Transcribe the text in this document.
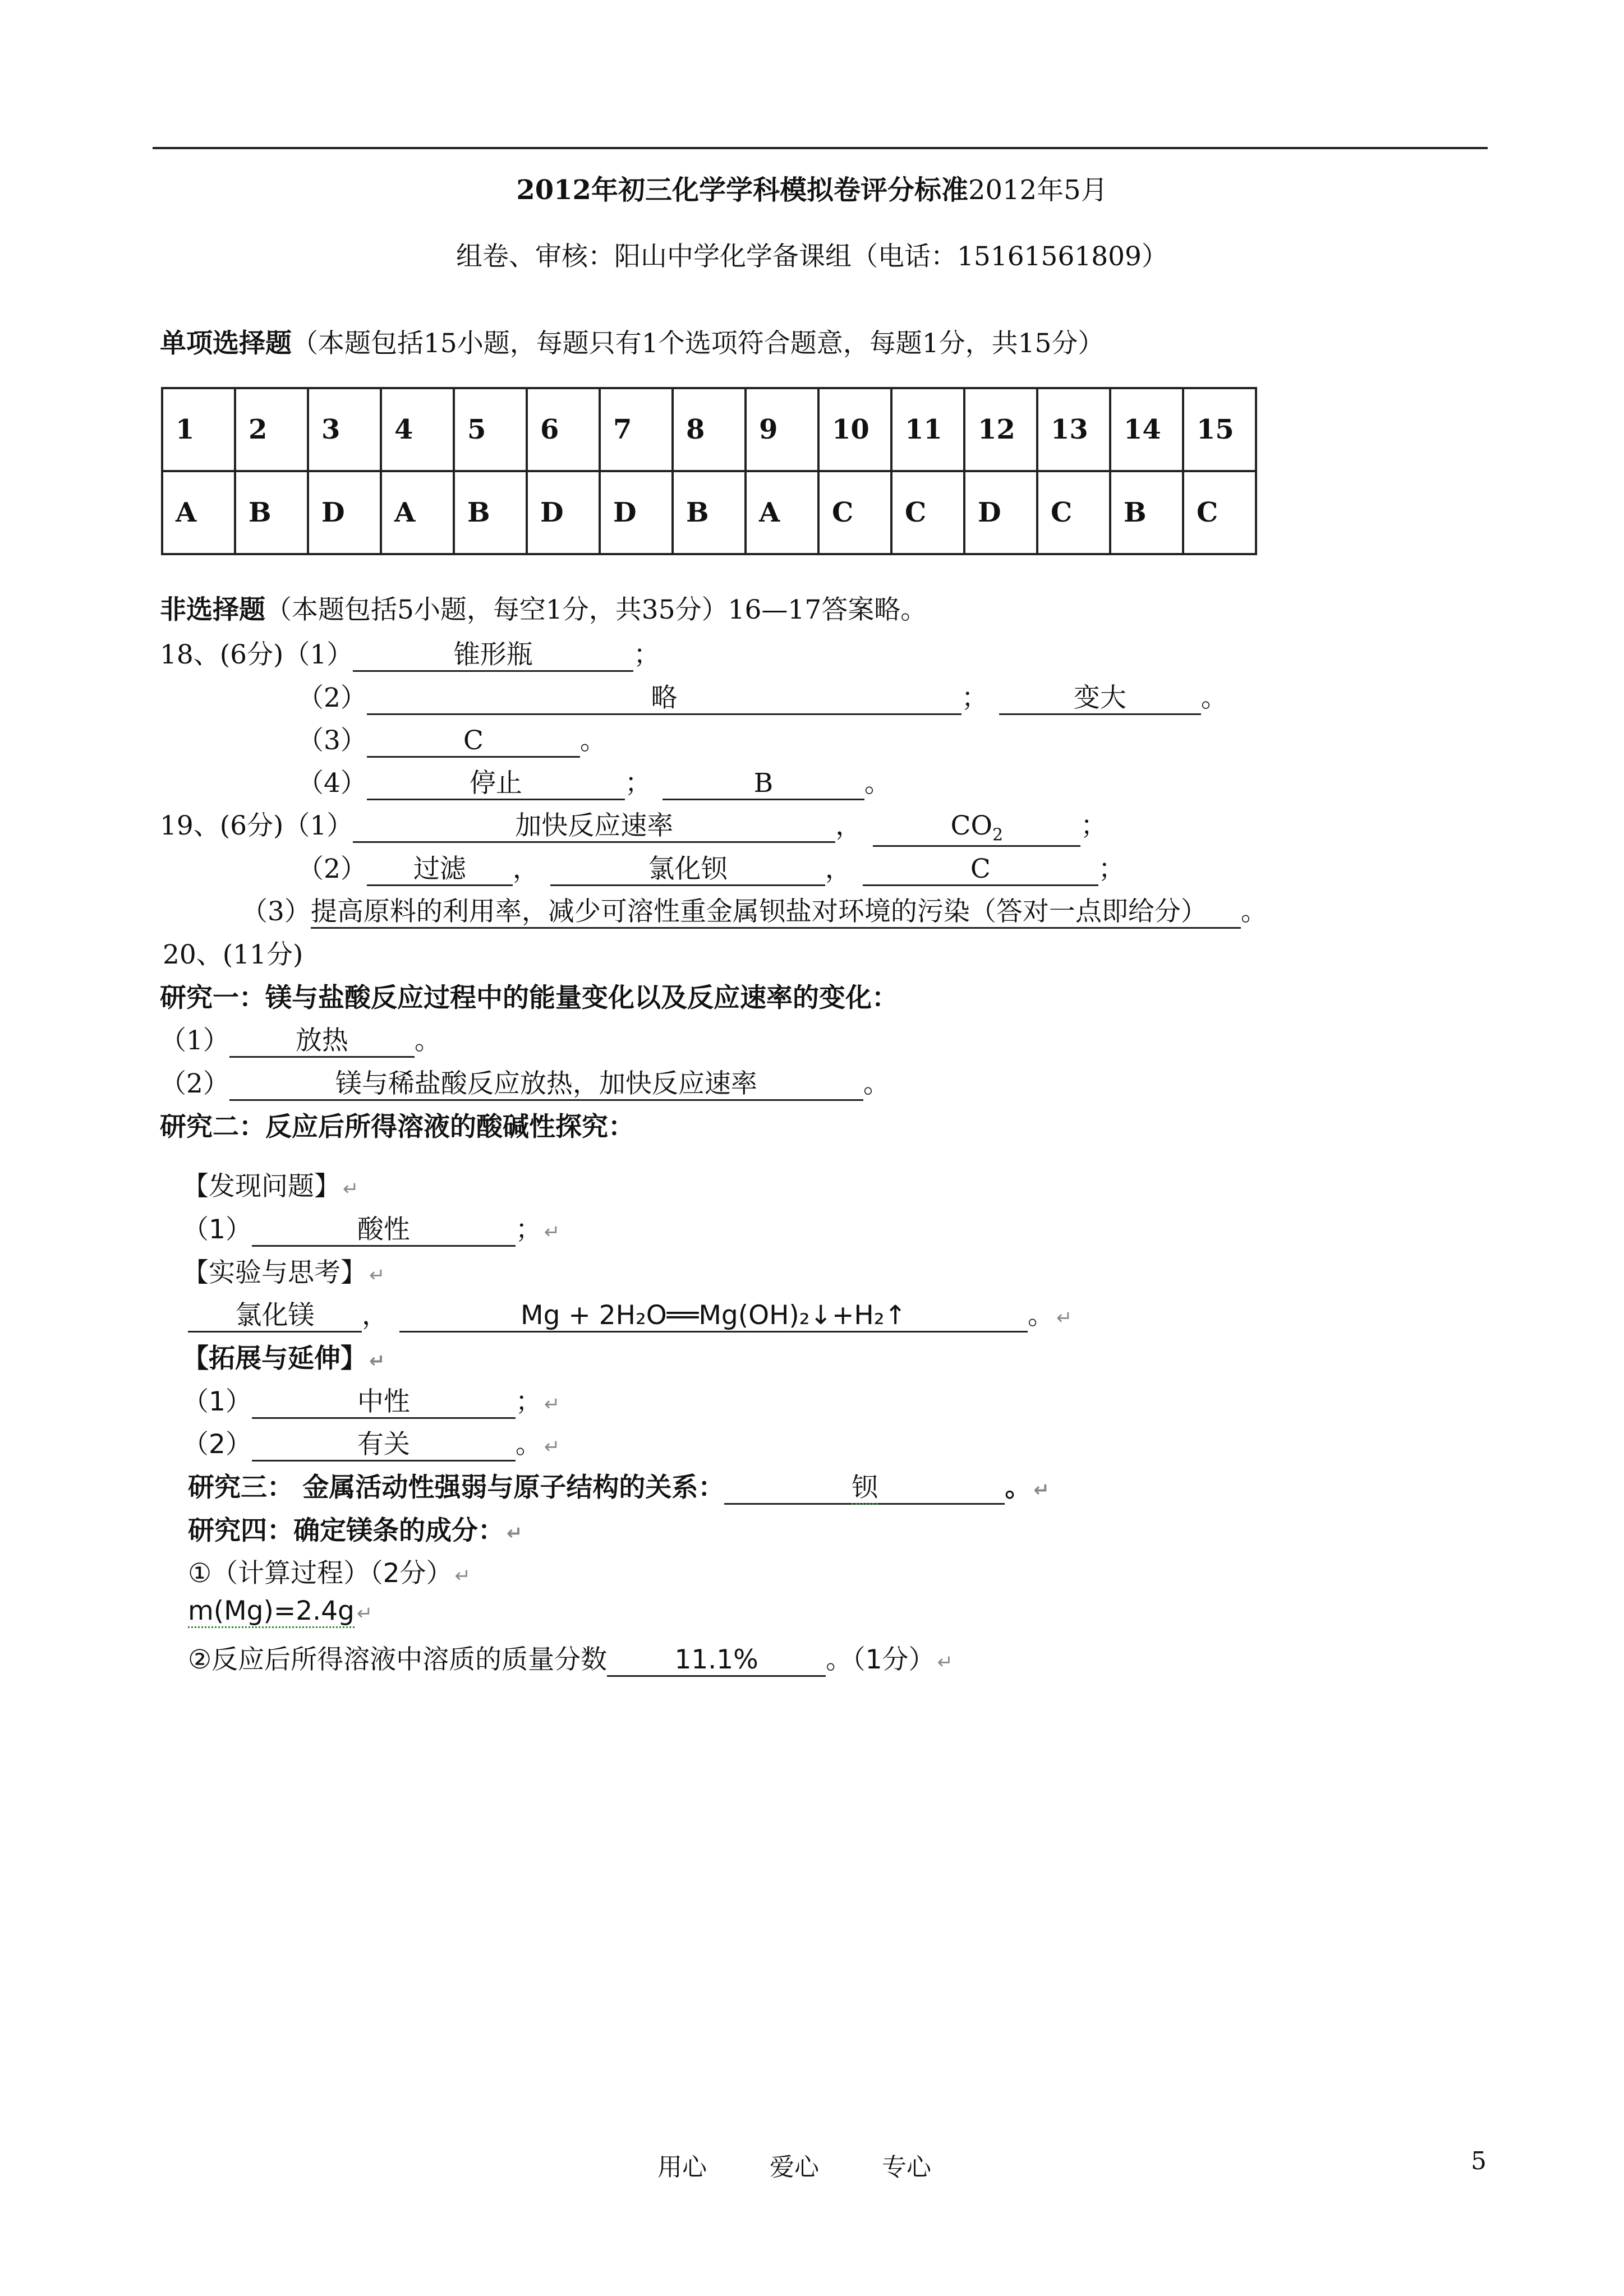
2012年初三化学学科模拟卷评分标准2012年5月
组卷、审核：阳山中学化学备课组（电话：15161561809）
单项选择题（本题包括15小题，每题只有1个选项符合题意，每题1分，共15分）
1	2	3	4	5	6	7	8	9	10	11	12	13	14	15
A	B	D	A	B	D	D	B	A	C	C	D	C	B	C
非选择题（本题包括5小题，每空1分，共35分）16—17答案略。
18、(6分)（1）	锥形瓶	；
（2）	略	；	变大	。
（3）	C	。
（4）	停止	；	B	。
19、(6分)（1）	加快反应速率	，	$CO_2$	；
（2） 过滤 ，	氯化钡	，	C	；
（3）提高原料的利用率，减少可溶性重金属钡盐对环境的污染（答对一点即给分） 。
20、(11分)
研究一：镁与盐酸反应过程中的能量变化以及反应速率的变化：
（1）	放热	。
（2）	镁与稀盐酸反应放热，加快反应速率	。
研究二：反应后所得溶液的酸碱性探究：
【发现问题】 ↵
（1）	酸性	； ↵
【实验与思考】 ↵
氯化镁 ，	Mg + 2H₂O══Mg(OH)₂↓+H₂↑	。 ↵
【拓展与延伸】 ↵
（1）	中性	； ↵
（2）	有关	。 ↵
研究三： 金属活动性强弱与原子结构的关系：	钡	。 ↵
研究四：确定镁条的成分： ↵
①（计算过程）（2分） ↵
m(Mg)=2.4g ↵
②反应后所得溶液中溶质的质量分数	11.1%	。（1分） ↵
用心	爱心	专心	5
